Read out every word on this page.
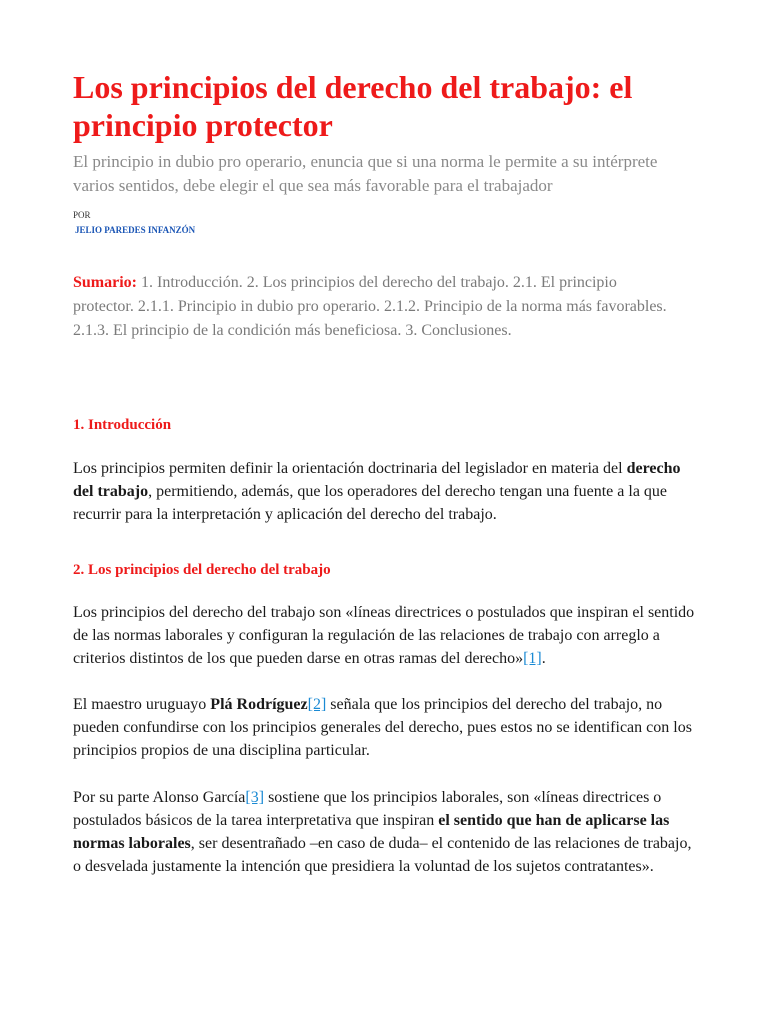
Los principios del derecho del trabajo: el principio protector

El principio in dubio pro operario, enuncia que si una norma le permite a su intérprete varios sentidos, debe elegir el que sea más favorable para el trabajador

POR
JELIO PAREDES INFANZÓN

Sumario: 1. Introducción. 2. Los principios del derecho del trabajo. 2.1. El principio protector. 2.1.1. Principio in dubio pro operario. 2.1.2. Principio de la norma más favorables. 2.1.3. El principio de la condición más beneficiosa. 3. Conclusiones.

1. Introducción

Los principios permiten definir la orientación doctrinaria del legislador en materia del derecho del trabajo, permitiendo, además, que los operadores del derecho tengan una fuente a la que recurrir para la interpretación y aplicación del derecho del trabajo.

2. Los principios del derecho del trabajo

Los principios del derecho del trabajo son «líneas directrices o postulados que inspiran el sentido de las normas laborales y configuran la regulación de las relaciones de trabajo con arreglo a criterios distintos de los que pueden darse en otras ramas del derecho»[1].

El maestro uruguayo Plá Rodríguez[2] señala que los principios del derecho del trabajo, no pueden confundirse con los principios generales del derecho, pues estos no se identifican con los principios propios de una disciplina particular.

Por su parte Alonso García[3] sostiene que los principios laborales, son «líneas directrices o postulados básicos de la tarea interpretativa que inspiran el sentido que han de aplicarse las normas laborales, ser desentrañado –en caso de duda– el contenido de las relaciones de trabajo, o desvelada justamente la intención que presidiera la voluntad de los sujetos contratantes».
